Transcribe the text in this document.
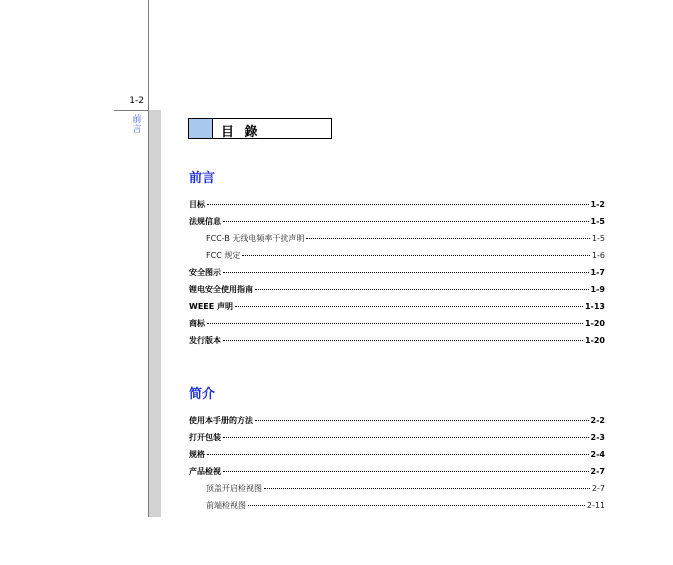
1-2
前言	目 錄
前言
目标	1-2
法规信息	1-5
FCC-B 无线电频率干扰声明	1-5
FCC 规定	1-6
安全图示	1-7
锂电安全使用指南	1-9
WEEE 声明	1-13
商标	1-20
发行版本	1-20
简介
使用本手册的方法	2-2
打开包装	2-3
规格	2-4
产品检视	2-7
顶盖开启检视图	2-7
前端检视图	2-11
